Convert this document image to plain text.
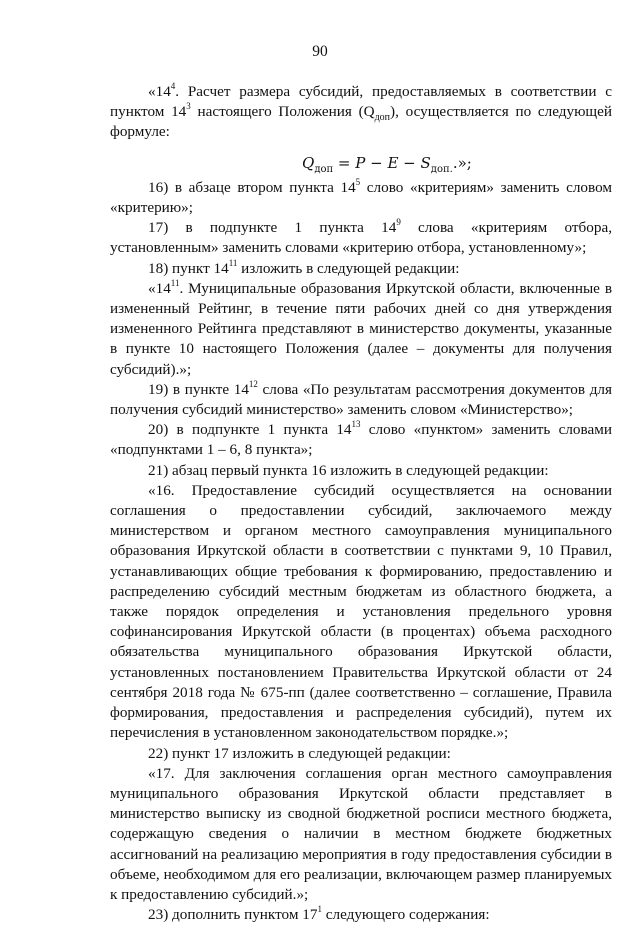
90

«$14^4$. Расчет размера субсидий, предоставляемых в соответствии с пунктом $14^3$ настоящего Положения $(Q_{доп})$, осуществляется по следующей формуле:

$Q_{доп} = P - E - S_{доп.}$.»;

16) в абзаце втором пункта $14^5$ слово «критериям» заменить словом «критерию»;

17) в подпункте 1 пункта $14^9$ слова «критериям отбора, установленным» заменить словами «критерию отбора, установленному»;

18) пункт $14^{11}$ изложить в следующей редакции:

«$14^{11}$. Муниципальные образования Иркутской области, включенные в измененный Рейтинг, в течение пяти рабочих дней со дня утверждения измененного Рейтинга представляют в министерство документы, указанные в пункте 10 настоящего Положения (далее – документы для получения субсидий).»;

19) в пункте $14^{12}$ слова «По результатам рассмотрения документов для получения субсидий министерство» заменить словом «Министерство»;

20) в подпункте 1 пункта $14^{13}$ слово «пунктом» заменить словами «подпунктами 1 – 6, 8 пункта»;

21) абзац первый пункта 16 изложить в следующей редакции:

«16. Предоставление субсидий осуществляется на основании соглашения о предоставлении субсидий, заключаемого между министерством и органом местного самоуправления муниципального образования Иркутской области в соответствии с пунктами 9, 10 Правил, устанавливающих общие требования к формированию, предоставлению и распределению субсидий местным бюджетам из областного бюджета, а также порядок определения и установления предельного уровня софинансирования Иркутской области (в процентах) объема расходного обязательства муниципального образования Иркутской области, установленных постановлением Правительства Иркутской области от 24 сентября 2018 года № 675-пп (далее соответственно – соглашение, Правила формирования, предоставления и распределения субсидий), путем их перечисления в установленном законодательством порядке.»;

22) пункт 17 изложить в следующей редакции:

«17. Для заключения соглашения орган местного самоуправления муниципального образования Иркутской области представляет в министерство выписку из сводной бюджетной росписи местного бюджета, содержащую сведения о наличии в местном бюджете бюджетных ассигнований на реализацию мероприятия в году предоставления субсидии в объеме, необходимом для его реализации, включающем размер планируемых к предоставлению субсидий.»;

23) дополнить пунктом $17^1$ следующего содержания:
